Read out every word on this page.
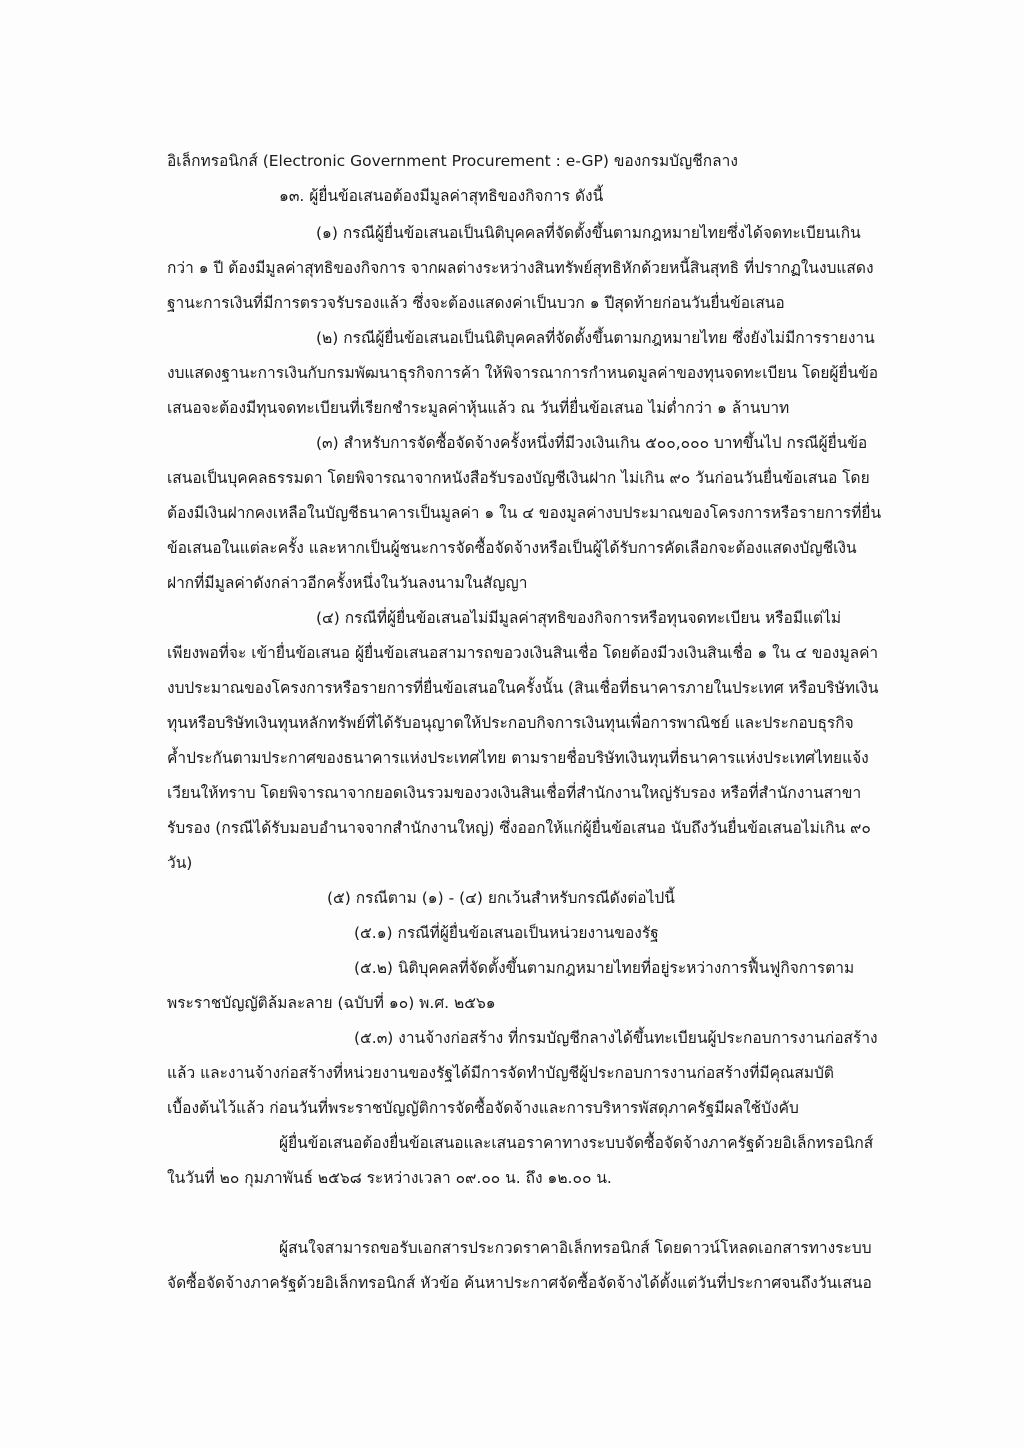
อิเล็กทรอนิกส์ (Electronic Government Procurement : e-GP) ของกรมบัญชีกลาง
๑๓. ผู้ยื่นข้อเสนอต้องมีมูลค่าสุทธิของกิจการ ดังนี้
(๑) กรณีผู้ยื่นข้อเสนอเป็นนิติบุคคลที่จัดตั้งขึ้นตามกฎหมายไทยซึ่งได้จดทะเบียนเกิน
กว่า ๑ ปี ต้องมีมูลค่าสุทธิของกิจการ จากผลต่างระหว่างสินทรัพย์สุทธิหักด้วยหนี้สินสุทธิ ที่ปรากฏในงบแสดง
ฐานะการเงินที่มีการตรวจรับรองแล้ว ซึ่งจะต้องแสดงค่าเป็นบวก ๑ ปีสุดท้ายก่อนวันยื่นข้อเสนอ
(๒) กรณีผู้ยื่นข้อเสนอเป็นนิติบุคคลที่จัดตั้งขึ้นตามกฎหมายไทย ซึ่งยังไม่มีการรายงาน
งบแสดงฐานะการเงินกับกรมพัฒนาธุรกิจการค้า ให้พิจารณาการกำหนดมูลค่าของทุนจดทะเบียน โดยผู้ยื่นข้อ
เสนอจะต้องมีทุนจดทะเบียนที่เรียกชำระมูลค่าหุ้นแล้ว ณ วันที่ยื่นข้อเสนอ ไม่ต่ำกว่า ๑ ล้านบาท
(๓) สำหรับการจัดซื้อจัดจ้างครั้งหนึ่งที่มีวงเงินเกิน ๕๐๐,๐๐๐ บาทขึ้นไป กรณีผู้ยื่นข้อ
เสนอเป็นบุคคลธรรมดา โดยพิจารณาจากหนังสือรับรองบัญชีเงินฝาก ไม่เกิน ๙๐ วันก่อนวันยื่นข้อเสนอ โดย
ต้องมีเงินฝากคงเหลือในบัญชีธนาคารเป็นมูลค่า ๑ ใน ๔ ของมูลค่างบประมาณของโครงการหรือรายการที่ยื่น
ข้อเสนอในแต่ละครั้ง และหากเป็นผู้ชนะการจัดซื้อจัดจ้างหรือเป็นผู้ได้รับการคัดเลือกจะต้องแสดงบัญชีเงิน
ฝากที่มีมูลค่าดังกล่าวอีกครั้งหนึ่งในวันลงนามในสัญญา
(๔) กรณีที่ผู้ยื่นข้อเสนอไม่มีมูลค่าสุทธิของกิจการหรือทุนจดทะเบียน หรือมีแต่ไม่
เพียงพอที่จะ เข้ายื่นข้อเสนอ ผู้ยื่นข้อเสนอสามารถขอวงเงินสินเชื่อ โดยต้องมีวงเงินสินเชื่อ ๑ ใน ๔ ของมูลค่า
งบประมาณของโครงการหรือรายการที่ยื่นข้อเสนอในครั้งนั้น (สินเชื่อที่ธนาคารภายในประเทศ หรือบริษัทเงิน
ทุนหรือบริษัทเงินทุนหลักทรัพย์ที่ได้รับอนุญาตให้ประกอบกิจการเงินทุนเพื่อการพาณิชย์ และประกอบธุรกิจ
ค้ำประกันตามประกาศของธนาคารแห่งประเทศไทย ตามรายชื่อบริษัทเงินทุนที่ธนาคารแห่งประเทศไทยแจ้ง
เวียนให้ทราบ โดยพิจารณาจากยอดเงินรวมของวงเงินสินเชื่อที่สำนักงานใหญ่รับรอง หรือที่สำนักงานสาขา
รับรอง (กรณีได้รับมอบอำนาจจากสำนักงานใหญ่) ซึ่งออกให้แก่ผู้ยื่นข้อเสนอ นับถึงวันยื่นข้อเสนอไม่เกิน ๙๐
วัน)
(๕) กรณีตาม (๑) - (๔) ยกเว้นสำหรับกรณีดังต่อไปนี้
(๕.๑) กรณีที่ผู้ยื่นข้อเสนอเป็นหน่วยงานของรัฐ
(๕.๒) นิติบุคคลที่จัดตั้งขึ้นตามกฎหมายไทยที่อยู่ระหว่างการฟื้นฟูกิจการตาม
พระราชบัญญัติล้มละลาย (ฉบับที่ ๑๐) พ.ศ. ๒๕๖๑
(๕.๓) งานจ้างก่อสร้าง ที่กรมบัญชีกลางได้ขึ้นทะเบียนผู้ประกอบการงานก่อสร้าง
แล้ว และงานจ้างก่อสร้างที่หน่วยงานของรัฐได้มีการจัดทำบัญชีผู้ประกอบการงานก่อสร้างที่มีคุณสมบัติ
เบื้องต้นไว้แล้ว ก่อนวันที่พระราชบัญญัติการจัดซื้อจัดจ้างและการบริหารพัสดุภาครัฐมีผลใช้บังคับ
ผู้ยื่นข้อเสนอต้องยื่นข้อเสนอและเสนอราคาทางระบบจัดซื้อจัดจ้างภาครัฐด้วยอิเล็กทรอนิกส์
ในวันที่ ๒๐ กุมภาพันธ์ ๒๕๖๘ ระหว่างเวลา ๐๙.๐๐ น. ถึง ๑๒.๐๐ น.
ผู้สนใจสามารถขอรับเอกสารประกวดราคาอิเล็กทรอนิกส์ โดยดาวน์โหลดเอกสารทางระบบ
จัดซื้อจัดจ้างภาครัฐด้วยอิเล็กทรอนิกส์ หัวข้อ ค้นหาประกาศจัดซื้อจัดจ้างได้ตั้งแต่วันที่ประกาศจนถึงวันเสนอ
